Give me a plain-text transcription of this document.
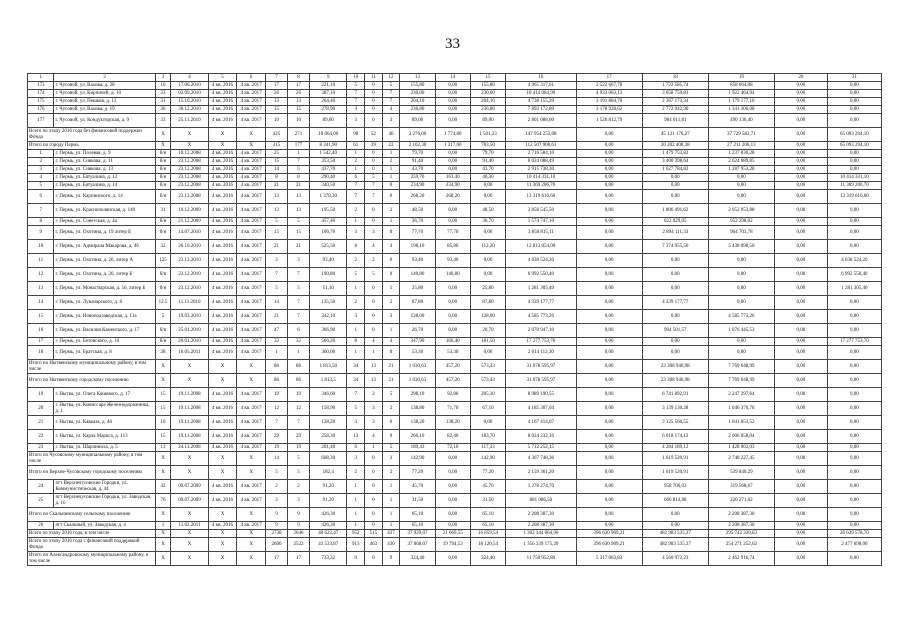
33
1	2	3	4	5	6	7	8	9	10	11	12	13	14	15	16	17	18	19	20	21
173	г. Чусовой, ул. Вахова, д. 28	16	17.06.2010	4 кв. 2016	4 кв. 2017	17	17	221,10	5	0	5	155,80	0,00	155,80	4 965 317,61	2 522 667,78	1 722 585,74	858 064,08	0,00	0,00
174	г. Чусовой, ул. Кирпичей, д. 10	23	02.09.2010	4 кв. 2016	4 кв. 2017	26	26	387,10	7	0	7	230,00	0,00	230,00	10 414 084,90	4 933 063,13	3 658 759,83	1 922 464,94	0,00	0,00
175	г. Чусовой, ул. Пешков, д. 13	31	15.10.2010	4 кв. 2016	4 кв. 2017	13	13	264,40	7	0	7	204,10	0,00	204,10	4 738 155,20	3 191 804,70	2 367 173,34	1 179 177,16	0,00	0,00
176	г. Чусовой, ул. Вахова, д. 19	36	30.12.2010	4 кв. 2016	4 кв. 2017	15	15	278,90	4	0	4	236,80	0,00	236,80	7 893 172,80	3 178 928,62	2 772 942,90	1 341 306,08	0,00	0,00
177	г. Чусовой, ул. Кондукторская, д. 9	33	25.11.2010	4 кв. 2016	4 кв. 2017	10	10	89,00	3	0	3	89,00	0,00	89,00	2 801 088,00	1 526 812,79	984 011,81	490 136,40	0,00	0,00
Всего по этапу 2016 года без финансовой поддержки Фонда		X	X	X	X	425	271	10 064,00	98	52	46	3 276,00	1 774,80	1 501,23	147 954 253,08	0,00	45 131 176,27	37 729 582,71	0,00	65 093 294,10
Итого по городу Пермь		X	X	X	X	315	177	8 341,90	61	39	22	2 102,30	1 317,60	783,50	112 507 908,61	0,00	20 202 408,38	27 211 206,13	0,00	65 093 294,10
1	г. Пермь, ул. Полевая, д. 9	б/н	18.12.2008	4 кв. 2016	4 кв. 2017	25	1	1 542,40	1	0	1	79,70	0,00	79,70	2 716 584,10	0,00	1 479 753,82	1 237 830,28	0,00	0,00
2	г. Пермь, ул. Сивкова, д. 11	б/н	23.12.2008	4 кв. 2016	4 кв. 2017	15	7	353,50	2	0	2	91,40	0,00	91,40	6 024 088,49	0,00	3 400 398,64	2 624 689,85	0,00	0,00
3	г. Пермь, ул. Сивкова, д. 13	б/н	23.12.2008	4 кв. 2016	4 кв. 2017	14	5	437,70	1	0	1	43,70	0,00	43,70	2 915 738,30	0,00	1 627 784,82	1 287 953,28	0,00	0,00
4	г. Пермь, ул. Батуалина, д. 12	б/н	23.12.2008	4 кв. 2016	4 кв. 2017	8	8	290,40	6	5	1	259,70	163,40	46,30	10 414 331,10	0,00	0,00	0,00	0,00	10 414 331,10
5	г. Пермь, ул. Батуалина, д. 14	б/н	23.12.2008	4 кв. 2016	4 кв. 2017	21	21	340,50	7	7	0	234,90	234,90	0,00	11 369 206,70	0,00	0,00	0,00	0,00	11 369 206,70
6	г. Пермь, ул. Карпинского, д. 14	б/н	23.12.2008	4 кв. 2016	4 кв. 2017	13	13	1 378,30	7	7	0	268,20	268,20	0,00	13 319 616,60	0,00	0,00	0,00	0,00	13 319 616,60
7	г. Пермь, ул. Краснополянская, д. 140	31	10.12.2009	4 кв. 2016	4 кв. 2017	13	13	195,50	2	0	2	48,50	0,00	48,50	3 858 545,50	0,00	1 806 491,62	2 052 053,88	0,00	0,00
8	г. Пермь, ул. Советская, д. 4а	б/н	21.12.2009	4 кв. 2016	4 кв. 2017	5	5	457,40	1	0	1	36,70	0,00	36,70	1 574 747,10	0,00	622 029,05	952 298,02	0,00	0,00
9	г. Пермь, ул. Охотина, д. 19 литер Б	б/н	14.07.2010	4 кв. 2016	4 кв. 2017	15	15	106,70	3	3	0	77,70	77,70	0,00	3 858 815,11	0,00	2 894 111,33	964 703,78	0,00	0,00
10	г. Пермь, ул. Адмирала Макарова, д. 46	32	26.10.2010	4 кв. 2016	4 кв. 2017	21	21	525,50	8	4	4	198,10	85,80	112,20	12 813 054,00	0,00	7 374 955,50	5 438 098,50	0,00	0,00
11	г. Пермь, ул. Охотина, д. 26, литер А	125	23.12.2010	4 кв. 2016	4 кв. 2017	3	3	93,40	2	2	0	93,40	93,40	0,00	4 638 524,20	0,00	0,00	0,00	0,00	4 638 524,20
12	г. Пермь, ул. Охотина, д. 26, литер Б	б/н	23.12.2010	4 кв. 2016	4 кв. 2017	7	7	190,80	5	5	0	140,80	140,80	0,00	6 992 550,40	0,00	0,00	0,00	0,00	6 992 550,40
13	г. Пермь, ул. Монастырская, д. 56, литер Б	б/н	23.12.2010	4 кв. 2016	4 кв. 2017	5	5	51,10	1	0	1	25,80	0,00	25,80	1 281 305,40	0,00	0,00	0,00	0,00	1 281 305,40
14	г. Пермь, ул. Луначарского, д. 8	12.5	11.11.2010	4 кв. 2016	4 кв. 2017	14	7	135,50	2	0	2	87,80	0,00	87,80	4 339 177,77	0,00	4 339 177,77	0,00	0,00	0,00
15	г. Пермь, ул. Новоподзаводская, д. 11а	5	19.03.2010	4 кв. 2016	4 кв. 2017	21	7	342,10	3	0	3	128,00	0,00	128,00	4 585 773,26	0,00	0,00	4 585 773,26	0,00	0,00
16	г. Пермь, ул. Василия Каменского, д. 17	б/н	25.01.2010	4 кв. 2016	4 кв. 2017	47	6	366,90	1	0	1	26,70	0,00	26,70	2 070 947,10	0,00	994 501,57	1 076 445,53	0,00	0,00
17	г. Пермь, ул. Бетонского, д. 10	б/н	26.01.2010	4 кв. 2016	4 кв. 2017	32	32	566,20	8	4	4	347,90	166,40	181,50	17 277 753,70	0,00	0,00	0,00	0,00	17 277 753,70
18	г. Пермь, ул. Братская, д. 8	28	16.05.2011	4 кв. 2016	4 кв. 2017	1	1	360,00	1	1	0	53,30	53,30	0,00	2 614 112,30	0,00	0,00	0,00	0,00	0,00
Итого по Нытвенскому муниципальному району, в том числе		X	X	X	X	86	86	1 813,50	34	13	21	1 030,63	457,20	573,43	31 078 595,97	0,00	23 308 946,98	7 769 648,99	0,00	0,00
Итого по Нытвенскому городскому поселению		X	X	X	X	86	86	1 813,5	34	13	21	1 030,63	457,20	573,43	31 078 595,97	0,00	23 308 946,98	7 769 648,99	0,00	0,00
19	г. Нытва, ул. Олега Кошевого, д. 17	15	19.11.2008	4 кв. 2016	4 кв. 2017	19	19	346,60	7	2	5	298,10	92,80	205,30	8 989 190,55	0,00	6 741 892,91	2 247 297,64	0,00	0,00
20	г. Нытва, ул. Комиссара Железнодорожника, д. 1	15	19.11.2008	4 кв. 2016	4 кв. 2017	12	12	158,90	5	3	2	138,80	71,70	67,10	4 185 307,04	0,00	3 139 130,28	1 046 376,76	0,00	0,00
21	г. Нытва, ул. Кавказа, д. 46	10	19.11.2008	4 кв. 2016	4 кв. 2017	7	7	138,20	3	3	0	138,20	138,20	0,00	4 167 414,07	0,00	3 125 560,55	1 041 853,52	0,00	0,00
22	г. Нытва, ул. Карла Маркса, д. 113	15	19.11.2008	4 кв. 2016	4 кв. 2017	29	29	258,30	13	4	9	266,10	82,40	183,70	8 024 232,16	0,00	6 018 174,12	2 006 058,04	0,00	0,00
23	г. Нытва, ул. Шарлиниха, д. 5	13	24.11.2008	4 кв. 2016	4 кв. 2017	19	19	201,40	6	1	5	189,43	72,10	117,33	5 712 252,15	0,00	4 284 189,12	1 428 063,03	0,00	0,00
Итого по Чусовскому муниципальному району, в том числе		X	X	X	X	14	5	608,30	3	0	3	142,90	0,00	142,90	4 367 748,36	0,00	1 619 520,91	2 748 227,45	0,00	0,00
Итого по Верхне-Чусовскому городскому поселению		X	X	X	X	5	5	182,4	2	0	2	77,20	0,00	77,20	2 159 361,20	0,00	1 619 520,91	539 840,29	0,00	0,00
24	пгт Верхнечусовские Городки, ул. Коммунистическая, д. 44	42	09.07.2009	4 кв. 2016	4 кв. 2017	2	2	91,20	1	0	1	45,70	0,00	45,70	1 278 274,70	0,00	958 706,03	319 568,67	0,00	0,00
25	пгт Верхнечусовские Городки, ул. Заводская, д. 16	76	09.07.2009	4 кв. 2016	4 кв. 2017	3	3	91,20	1	0	1	31,50	0,00	31,50	881 086,50	0,00	660 814,88	220 271,62	0,00	0,00
Итого по Скальнинскому сельскому поселению		X	X	X	X	9	9	426,30	1	0	1	65,10	0,00	65,10	2 208 387,30	0,00	0,00	2 208 387,30	0,00	0,00
26	пгт Скальный, ул. Заводская, д. 4	1	11.02.2011	4 кв. 2016	4 кв. 2017	9	9	426,30	1	0	1	65,10	0,00	65,10	2 208 387,30	0,00	0,00	2 208 387,30	0,00	0,00
Всего по этапу 2016 года, в том числе		X	X	X	X	2738	2646	40 622,47	952	515	437	37 929,07	21 069,55	16 859,54	1 302 344 064,90	396 630 909,21	482 983 535,37	295 742 320,63	0,00	26 639 578,70
Всего по этапу 2016 года с финансовой поддержкой Фонда		X	X	X	X	2606	2522	43 533,87	913	463	430	37 868,07	19 794,53	18 120,54	1 356 339 175,20	396 630 909,21	482 983 535,37	254 271 252,62	0,00	2 477 698,00
Итого по Александровскому муниципальному району, в том числе		X	X	X	X	17	17	733,32	9	0	9	324,40	0,00	324,40	11 750 952,80	5 317 063,83	4 560 972,23	2 462 916,74	0,00	0,00
